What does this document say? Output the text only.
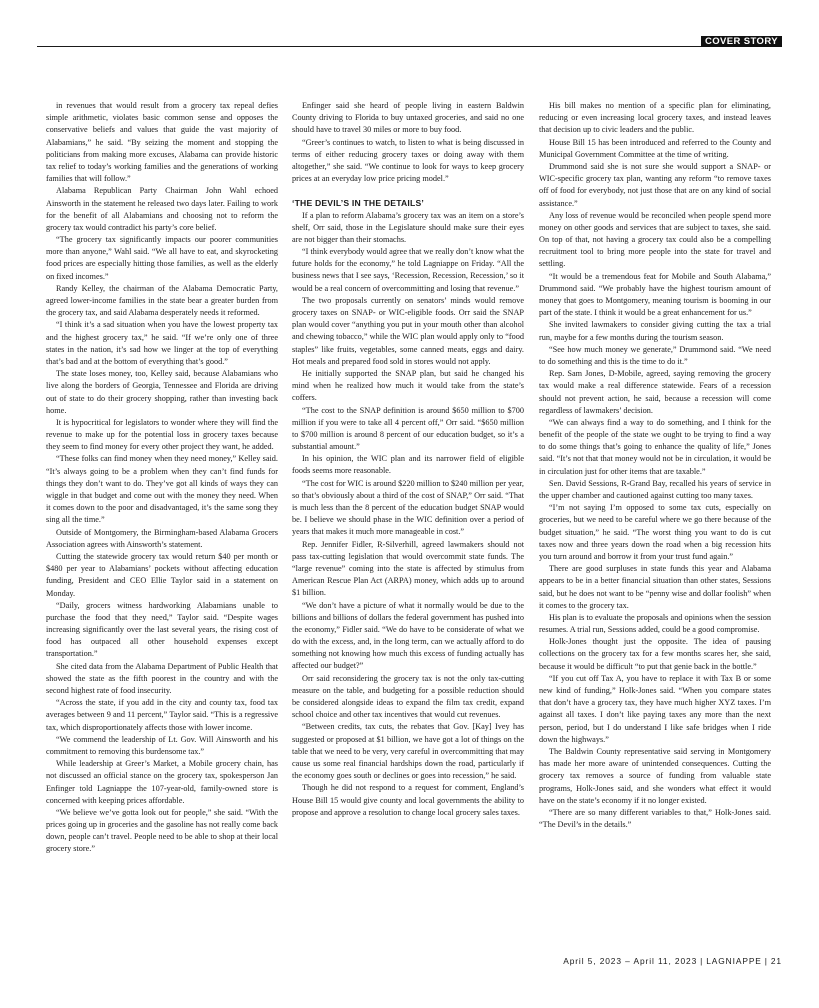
COVER STORY

in revenues that would result from a grocery tax repeal defies simple arithmetic, violates basic common sense and opposes the conservative beliefs and values that guide the vast majority of Alabamians,” he said. “By seizing the moment and stopping the politicians from making more excuses, Alabama can provide historic tax relief to today’s working families and the generations of working families that will follow.”

Alabama Republican Party Chairman John Wahl echoed Ainsworth in the statement he released two days later. Failing to work for the benefit of all Alabamians and choosing not to reform the grocery tax would contradict his party’s core belief.

“The grocery tax significantly impacts our poorer communities more than anyone,” Wahl said. “We all have to eat, and skyrocketing food prices are especially hitting those families, as well as the elderly on fixed incomes.”

Randy Kelley, the chairman of the Alabama Democratic Party, agreed lower-income families in the state bear a greater burden from the grocery tax, and said Alabama desperately needs it reformed.

“I think it’s a sad situation when you have the lowest property tax and the highest grocery tax,” he said. “If we’re only one of three states in the nation, it’s sad how we linger at the top of everything that’s bad and at the bottom of everything that’s good.”

The state loses money, too, Kelley said, because Alabamians who live along the borders of Georgia, Tennessee and Florida are driving out of state to do their grocery shopping, rather than investing back home.

It is hypocritical for legislators to wonder where they will find the revenue to make up for the potential loss in grocery taxes because they seem to find money for every other project they want, he added.

“These folks can find money when they need money,” Kelley said. “It’s always going to be a problem when they can’t find funds for things they don’t want to do. They’ve got all kinds of ways they can wiggle in that budget and come out with the money they need. When it comes down to the poor and disadvantaged, it’s the same song they sing all the time.”

Outside of Montgomery, the Birmingham-based Alabama Grocers Association agrees with Ainsworth’s statement.

Cutting the statewide grocery tax would return $40 per month or $480 per year to Alabamians’ pockets without affecting education funding, President and CEO Ellie Taylor said in a statement on Monday.

“Daily, grocers witness hardworking Alabamians unable to purchase the food that they need,” Taylor said. “Despite wages increasing significantly over the last several years, the rising cost of food has outpaced all other household expenses except transportation.”

She cited data from the Alabama Department of Public Health that showed the state as the fifth poorest in the country and with the second highest rate of food insecurity.

“Across the state, if you add in the city and county tax, food tax averages between 9 and 11 percent,” Taylor said. “This is a regressive tax, which disproportionately affects those with lower income.

“We commend the leadership of Lt. Gov. Will Ainsworth and his commitment to removing this burdensome tax.”

While leadership at Greer’s Market, a Mobile grocery chain, has not discussed an official stance on the grocery tax, spokesperson Jan Enfinger told Lagniappe the 107-year-old, family-owned store is concerned with keeping prices affordable.

“We believe we’ve gotta look out for people,” she said. “With the prices going up in groceries and the gasoline has not really come back down, people can’t travel. People need to be able to shop at their local grocery store.”

Enfinger said she heard of people living in eastern Baldwin County driving to Florida to buy untaxed groceries, and said no one should have to travel 30 miles or more to buy food.

“Greer’s continues to watch, to listen to what is being discussed in terms of either reducing grocery taxes or doing away with them altogether,” she said. “We continue to look for ways to keep grocery prices at an everyday low price pricing model.”

‘THE DEVIL’S IN THE DETAILS’

If a plan to reform Alabama’s grocery tax was an item on a store’s shelf, Orr said, those in the Legislature should make sure their eyes are not bigger than their stomachs.

“I think everybody would agree that we really don’t know what the future holds for the economy,” he told Lagniappe on Friday. “All the business news that I see says, ‘Recession, Recession, Recession,’ so it would be a real concern of overcommitting and losing that revenue.”

The two proposals currently on senators’ minds would remove grocery taxes on SNAP- or WIC-eligible foods. Orr said the SNAP plan would cover “anything you put in your mouth other than alcohol and chewing tobacco,” while the WIC plan would apply only to “food staples” like fruits, vegetables, some canned meats, eggs and dairy. Hot meals and prepared food sold in stores would not apply.

He initially supported the SNAP plan, but said he changed his mind when he realized how much it would take from the state’s coffers.

“The cost to the SNAP definition is around $650 million to $700 million if you were to take all 4 percent off,” Orr said. “$650 million to $700 million is around 8 percent of our education budget, so it’s a substantial amount.”

In his opinion, the WIC plan and its narrower field of eligible foods seems more reasonable.

“The cost for WIC is around $220 million to $240 million per year, so that’s obviously about a third of the cost of SNAP,” Orr said. “That is much less than the 8 percent of the education budget SNAP would be. I believe we should phase in the WIC definition over a period of years that makes it much more manageable in cost.”

Rep. Jennifer Fidler, R-Silverhill, agreed lawmakers should not pass tax-cutting legislation that would overcommit state funds. The “large revenue” coming into the state is affected by stimulus from American Rescue Plan Act (ARPA) money, which adds up to around $1 billion.

“We don’t have a picture of what it normally would be due to the billions and billions of dollars the federal government has pushed into the economy,” Fidler said. “We do have to be considerate of what we do with the excess, and, in the long term, can we actually afford to do something not knowing how much this excess of funding actually has affected our budget?”

Orr said reconsidering the grocery tax is not the only tax-cutting measure on the table, and budgeting for a possible reduction should be considered alongside ideas to expand the film tax credit, expand school choice and other tax incentives that would cut revenues.

“Between credits, tax cuts, the rebates that Gov. [Kay] Ivey has suggested or proposed at $1 billion, we have got a lot of things on the table that we need to be very, very careful in overcommitting that may cause us some real financial hardships down the road, particularly if the economy goes south or declines or goes into recession,” he said.

Though he did not respond to a request for comment, England’s House Bill 15 would give county and local governments the ability to propose and approve a resolution to change local grocery sales taxes.

His bill makes no mention of a specific plan for eliminating, reducing or even increasing local grocery taxes, and instead leaves that decision up to civic leaders and the public.

House Bill 15 has been introduced and referred to the County and Municipal Government Committee at the time of writing.

Drummond said she is not sure she would support a SNAP- or WIC-specific grocery tax plan, wanting any reform “to remove taxes off of food for everybody, not just those that are on any kind of social assistance.”

Any loss of revenue would be reconciled when people spend more money on other goods and services that are subject to taxes, she said. On top of that, not having a grocery tax could also be a compelling recruitment tool to bring more people into the state for travel and settling.

“It would be a tremendous feat for Mobile and South Alabama,” Drummond said. “We probably have the highest tourism amount of money that goes to Montgomery, meaning tourism is booming in our part of the state. I think it would be a great enhancement for us.”

She invited lawmakers to consider giving cutting the tax a trial run, maybe for a few months during the tourism season.

“See how much money we generate,” Drummond said. “We need to do something and this is the time to do it.”

Rep. Sam Jones, D-Mobile, agreed, saying removing the grocery tax would make a real difference statewide. Fears of a recession should not prevent action, he said, because a recession will come regardless of lawmakers’ decision.

“We can always find a way to do something, and I think for the benefit of the people of the state we ought to be trying to find a way to do some things that’s going to enhance the quality of life,” Jones said. “It’s not that that money would not be in circulation, it would be in circulation just for other items that are taxable.”

Sen. David Sessions, R-Grand Bay, recalled his years of service in the upper chamber and cautioned against cutting too many taxes.

“I’m not saying I’m opposed to some tax cuts, especially on groceries, but we need to be careful where we go there because of the budget situation,” he said. “The worst thing you want to do is cut taxes now and three years down the road when a big recession hits you turn around and borrow it from your trust fund again.”

There are good surpluses in state funds this year and Alabama appears to be in a better financial situation than other states, Sessions said, but he does not want to be “penny wise and dollar foolish” when it comes to the grocery tax.

His plan is to evaluate the proposals and opinions when the session resumes. A trial run, Sessions added, could be a good compromise.

Holk-Jones thought just the opposite. The idea of pausing collections on the grocery tax for a few months scares her, she said, because it would be difficult “to put that genie back in the bottle.”

“If you cut off Tax A, you have to replace it with Tax B or some new kind of funding,” Holk-Jones said. “When you compare states that don’t have a grocery tax, they have much higher XYZ taxes. I’m against all taxes. I don’t like paying taxes any more than the next person, period, but I do understand I like safe bridges when I ride down the highways.”

The Baldwin County representative said serving in Montgomery has made her more aware of unintended consequences. Cutting the grocery tax removes a source of funding from valuable state programs, Holk-Jones said, and she wonders what effect it would have on the state’s economy if it no longer existed.

“There are so many different variables to that,” Holk-Jones said. “The Devil’s in the details.”

April 5, 2023 – April 11, 2023 | LAGNIAPPE | 21
